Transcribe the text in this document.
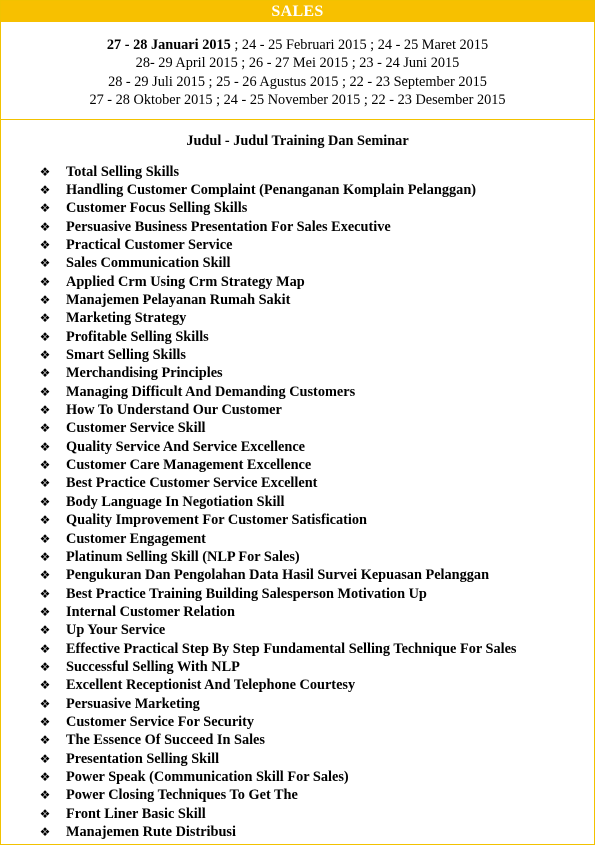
SALES
27 - 28 Januari 2015 ; 24 - 25 Februari 2015 ; 24 - 25 Maret 2015
28- 29 April 2015 ; 26 - 27 Mei 2015 ; 23 - 24 Juni 2015
28 - 29 Juli 2015 ; 25 - 26 Agustus 2015 ; 22 - 23 September 2015
27 - 28 Oktober 2015 ; 24 - 25 November 2015 ; 22 - 23 Desember 2015
Judul - Judul Training Dan Seminar
❖ Total Selling Skills
❖ Handling Customer Complaint (Penanganan Komplain Pelanggan)
❖ Customer Focus Selling Skills
❖ Persuasive Business Presentation For Sales Executive
❖ Practical Customer Service
❖ Sales Communication Skill
❖ Applied Crm Using Crm Strategy Map
❖ Manajemen Pelayanan Rumah Sakit
❖ Marketing Strategy
❖ Profitable Selling Skills
❖ Smart Selling Skills
❖ Merchandising Principles
❖ Managing Difficult And Demanding Customers
❖ How To Understand Our Customer
❖ Customer Service Skill
❖ Quality Service And Service Excellence
❖ Customer Care Management Excellence
❖ Best Practice Customer Service Excellent
❖ Body Language In Negotiation Skill
❖ Quality Improvement For Customer Satisfication
❖ Customer Engagement
❖ Platinum Selling Skill (NLP For Sales)
❖ Pengukuran Dan Pengolahan Data Hasil Survei Kepuasan Pelanggan
❖ Best Practice Training Building Salesperson Motivation Up
❖ Internal Customer Relation
❖ Up Your Service
❖ Effective Practical Step By Step Fundamental Selling Technique For Sales
❖ Successful Selling With NLP
❖ Excellent Receptionist And Telephone Courtesy
❖ Persuasive Marketing
❖ Customer Service For Security
❖ The Essence Of Succeed In Sales
❖ Presentation Selling Skill
❖ Power Speak (Communication Skill For Sales)
❖ Power Closing Techniques To Get The
❖ Front Liner Basic Skill
❖ Manajemen Rute Distribusi
